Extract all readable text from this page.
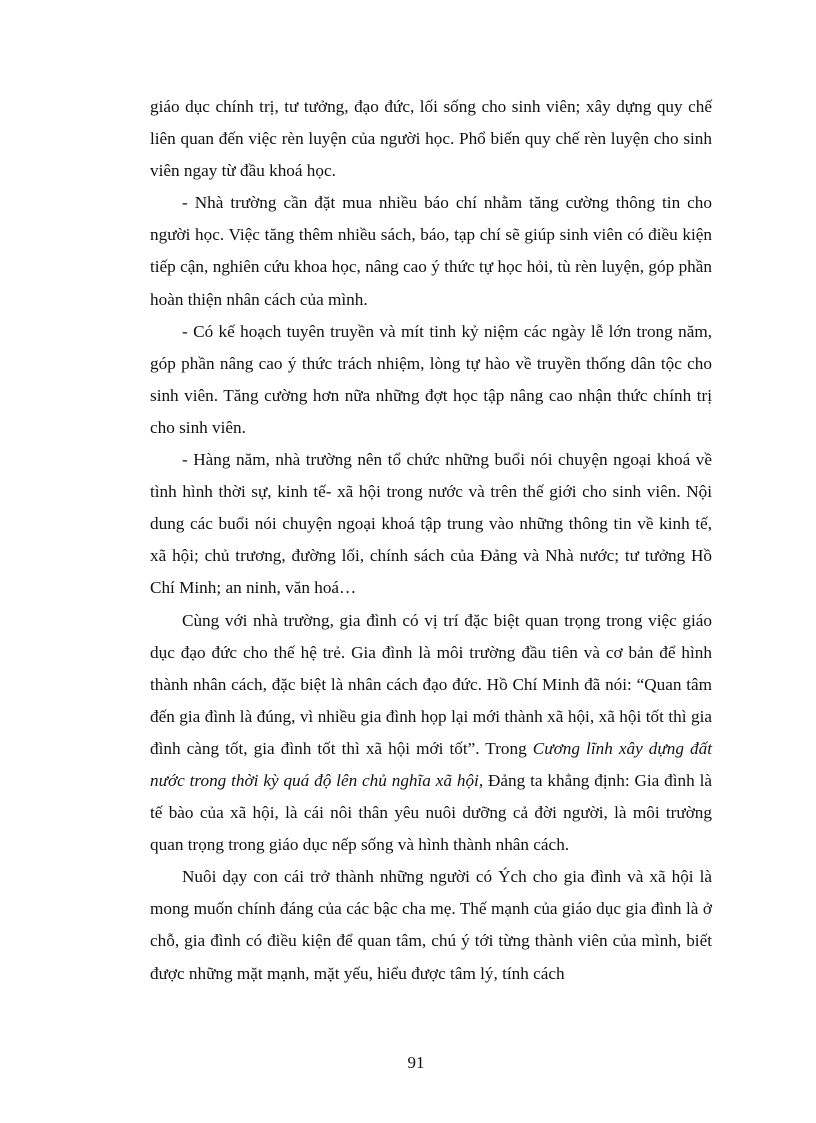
giáo dục chính trị, tư tưởng, đạo đức, lối sống cho sinh viên; xây dựng quy chế liên quan đến việc rèn luyện của người học. Phổ biến quy chế rèn luyện cho sinh viên ngay từ đầu khoá học.

- Nhà trường cần đặt mua nhiều báo chí nhằm tăng cường thông tin cho người học. Việc tăng thêm nhiều sách, báo, tạp chí sẽ giúp sinh viên có điều kiện tiếp cận, nghiên cứu khoa học, nâng cao ý thức tự học hỏi, tù rèn luyện, góp phần hoàn thiện nhân cách của mình.

- Có kế hoạch tuyên truyền và mít tinh kỷ niệm các ngày lễ lớn trong năm, góp phần nâng cao ý thức trách nhiệm, lòng tự hào về truyền thống dân tộc cho sinh viên. Tăng cường hơn nữa những đợt học tập nâng cao nhận thức chính trị cho sinh viên.

- Hàng năm, nhà trường nên tổ chức những buổi nói chuyện ngoại khoá về tình hình thời sự, kinh tế- xã hội trong nước và trên thế giới cho sinh viên. Nội dung các buổi nói chuyện ngoại khoá tập trung vào những thông tin về kinh tế, xã hội; chủ trương, đường lối, chính sách của Đảng và Nhà nước; tư tưởng Hồ Chí Minh; an ninh, văn hoá…

Cùng với nhà trường, gia đình có vị trí đặc biệt quan trọng trong việc giáo dục đạo đức cho thế hệ trẻ. Gia đình là môi trường đầu tiên và cơ bản để hình thành nhân cách, đặc biệt là nhân cách đạo đức. Hồ Chí Minh đã nói: “Quan tâm đến gia đình là đúng, vì nhiều gia đình họp lại mới thành xã hội, xã hội tốt thì gia đình càng tốt, gia đình tốt thì xã hội mới tốt”. Trong Cương lĩnh xây dựng đất nước trong thời kỳ quá độ lên chủ nghĩa xã hội, Đảng ta khẳng định: Gia đình là tế bào của xã hội, là cái nôi thân yêu nuôi dưỡng cả đời người, là môi trường quan trọng trong giáo dục nếp sống và hình thành nhân cách.

Nuôi dạy con cái trở thành những người có Ých cho gia đình và xã hội là mong muốn chính đáng của các bậc cha mẹ. Thế mạnh của giáo dục gia đình là ở chỗ, gia đình có điều kiện để quan tâm, chú ý tới từng thành viên của mình, biết được những mặt mạnh, mặt yếu, hiểu được tâm lý, tính cách

91
